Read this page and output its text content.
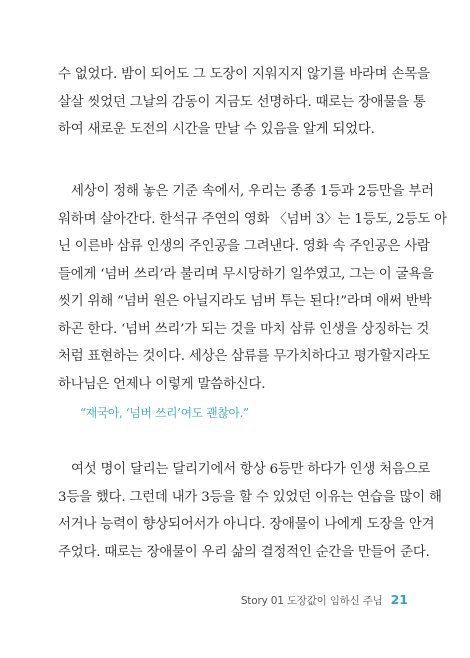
수 없었다. 밤이 되어도 그 도장이 지워지지 않기를 바라며 손목을
살살 씻었던 그날의 감동이 지금도 선명하다. 때로는 장애물을 통
하여 새로운 도전의 시간을 만날 수 있음을 알게 되었다.
세상이 정해 놓은 기준 속에서, 우리는 종종 1등과 2등만을 부러
워하며 살아간다. 한석규 주연의 영화 〈넘버 3〉는 1등도, 2등도 아
닌 이른바 삼류 인생의 주인공을 그려낸다. 영화 속 주인공은 사람
들에게 ‘넘버 쓰리’라 불리며 무시당하기 일쑤였고, 그는 이 굴욕을
씻기 위해 “넘버 원은 아닐지라도 넘버 투는 된다!”라며 애써 반박
하곤 한다. ‘넘버 쓰리’가 되는 것을 마치 삼류 인생을 상징하는 것
처럼 표현하는 것이다. 세상은 삼류를 무가치하다고 평가할지라도
하나님은 언제나 이렇게 말씀하신다.
“재국아, ‘넘버 쓰리’여도 괜찮아.”
여섯 명이 달리는 달리기에서 항상 6등만 하다가 인생 처음으로
3등을 했다. 그런데 내가 3등을 할 수 있었던 이유는 연습을 많이 해
서거나 능력이 향상되어서가 아니다. 장애물이 나에게 도장을 안겨
주었다. 때로는 장애물이 우리 삶의 결정적인 순간을 만들어 준다.
Story 01 도장값이 임하신 주님 21
